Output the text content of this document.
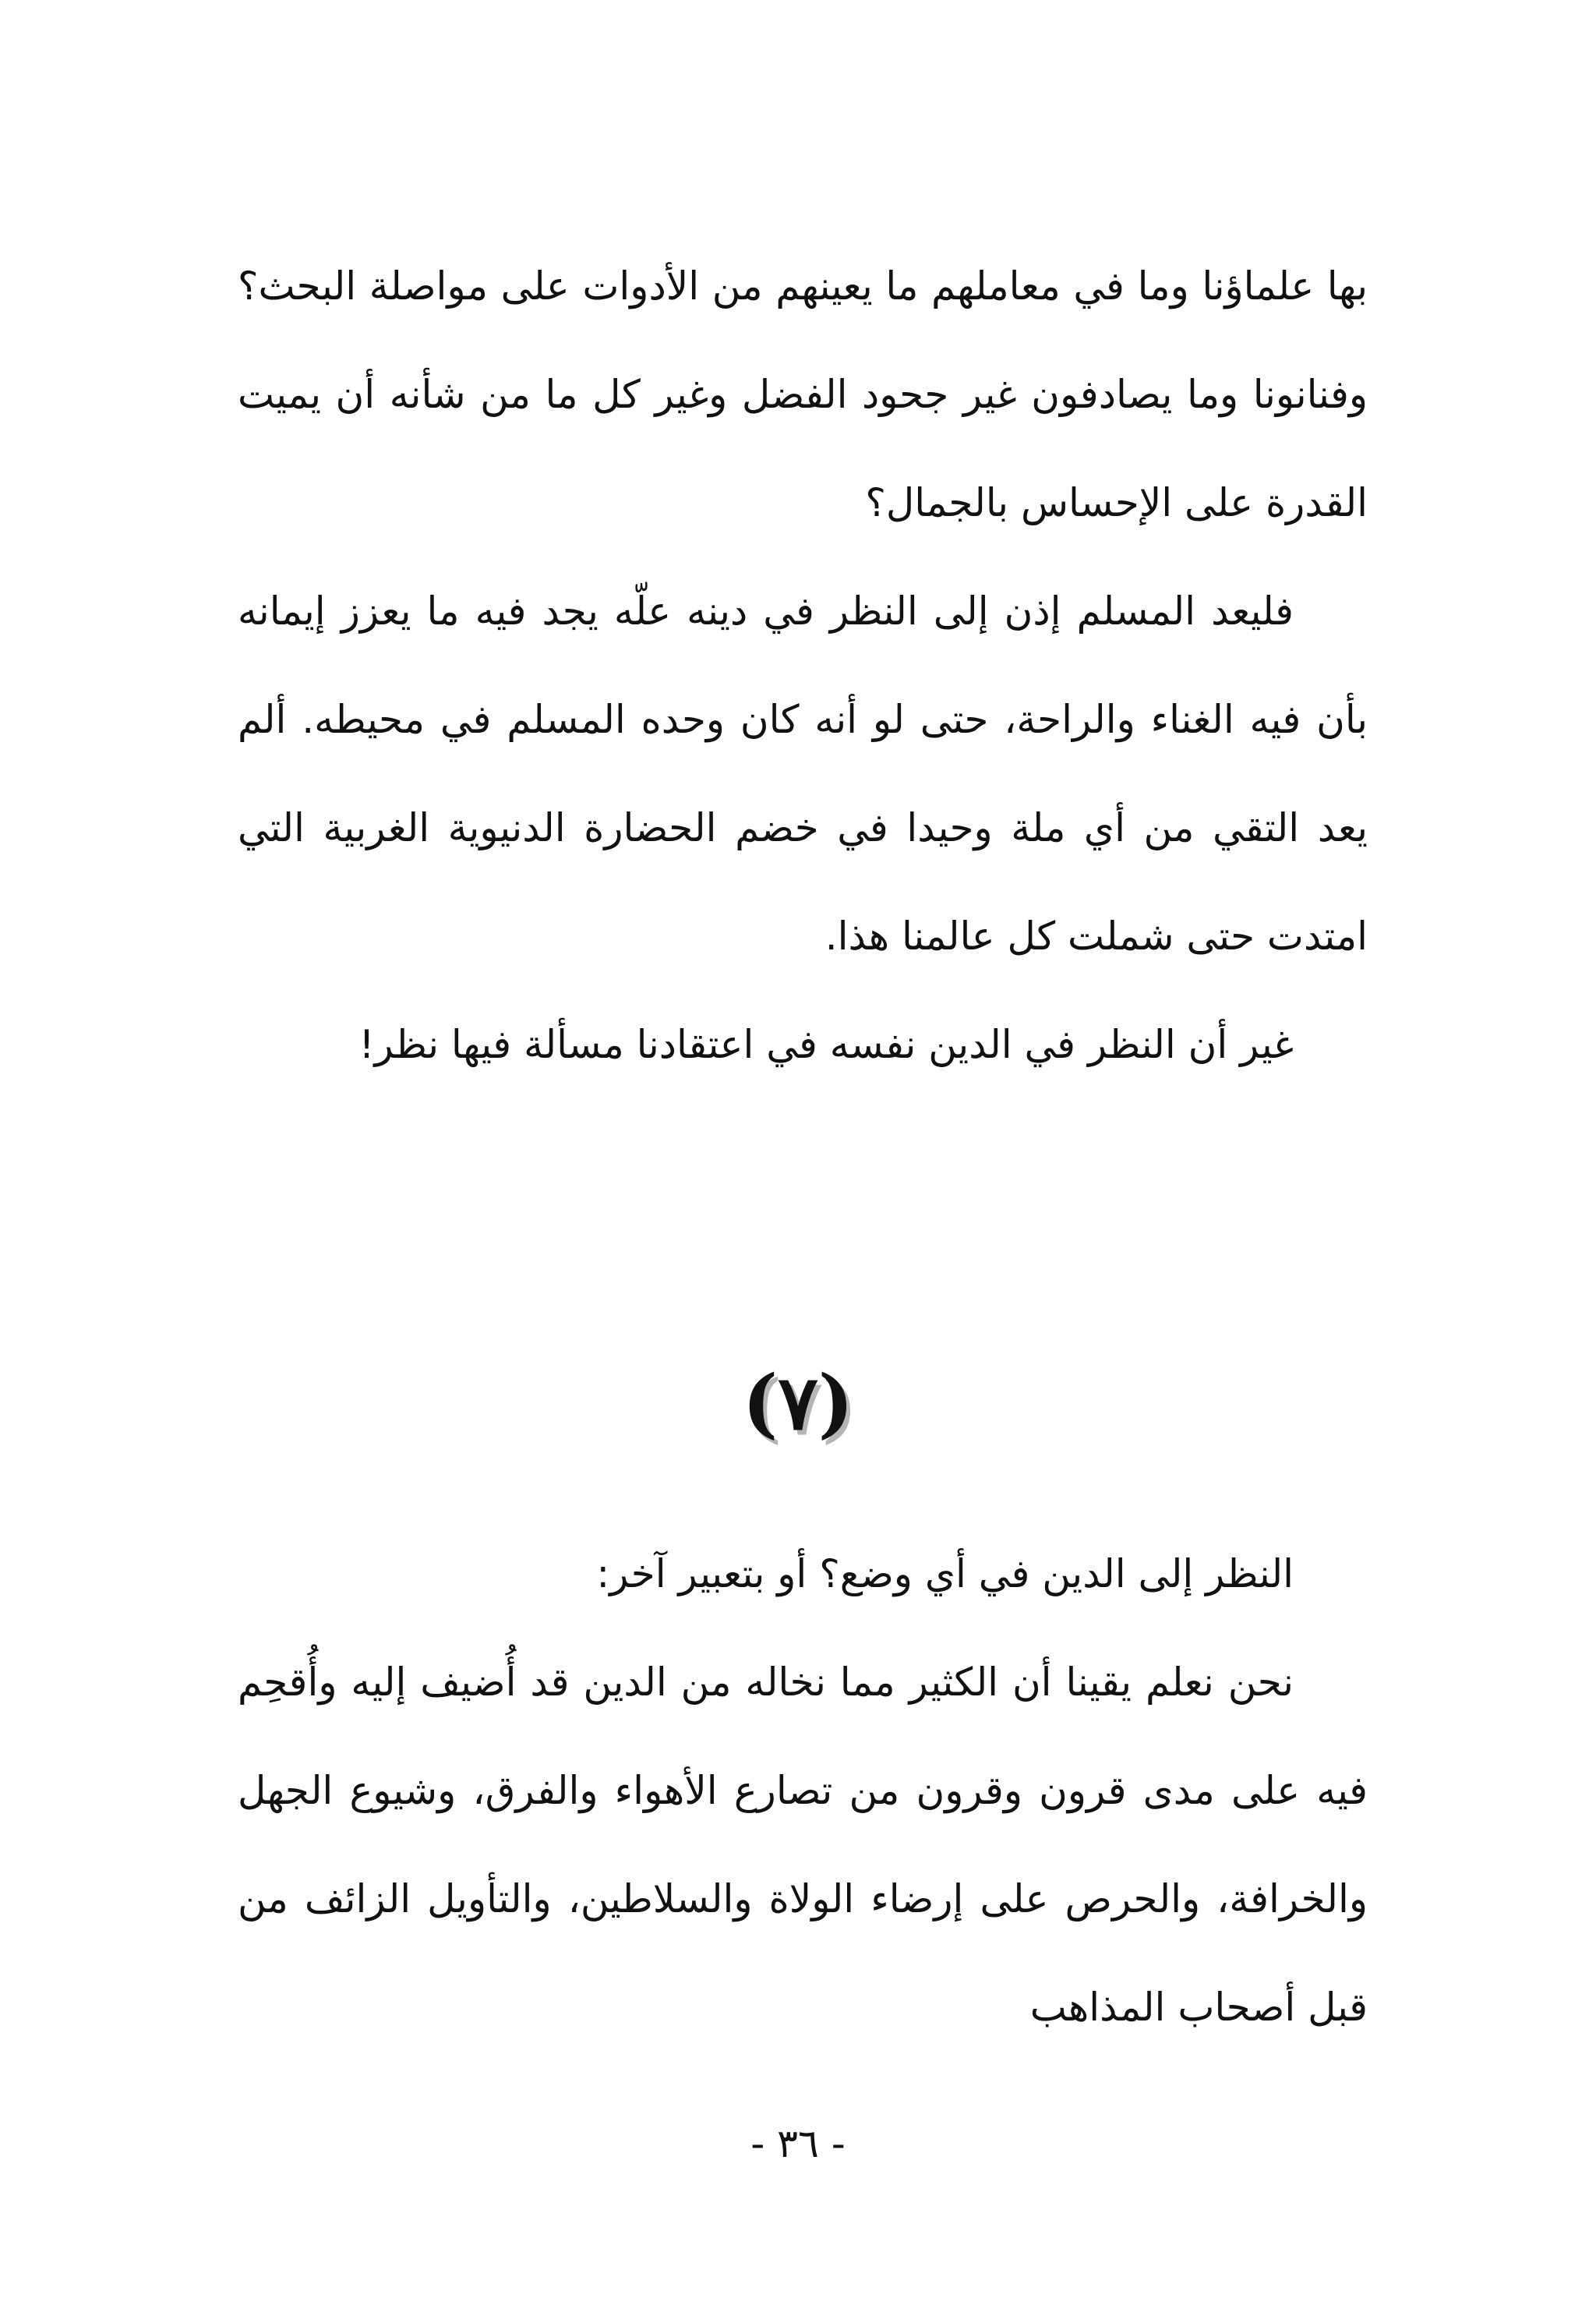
بها علماؤنا وما في معاملهم ما يعينهم من الأدوات على مواصلة البحث؟ وفنانونا وما يصادفون غير جحود الفضل وغير كل ما من شأنه أن يميت القدرة على الإحساس بالجمال؟

فليعد المسلم إذن إلى النظر في دينه علّه يجد فيه ما يعزز إيمانه بأن فيه الغناء والراحة، حتى لو أنه كان وحده المسلم في محيطه. ألم يعد التقي من أي ملة وحيدا في خضم الحضارة الدنيوية الغربية التي امتدت حتى شملت كل عالمنا هذا.

غير أن النظر في الدين نفسه في اعتقادنا مسألة فيها نظر!

(٧)

النظر إلى الدين في أي وضع؟ أو بتعبير آخر:

نحن نعلم يقينا أن الكثير مما نخاله من الدين قد أُضيف إليه وأُقحِم فيه على مدى قرون وقرون من تصارع الأهواء والفرق، وشيوع الجهل والخرافة، والحرص على إرضاء الولاة والسلاطين، والتأويل الزائف من قبل أصحاب المذاهب

- ٣٦ -
